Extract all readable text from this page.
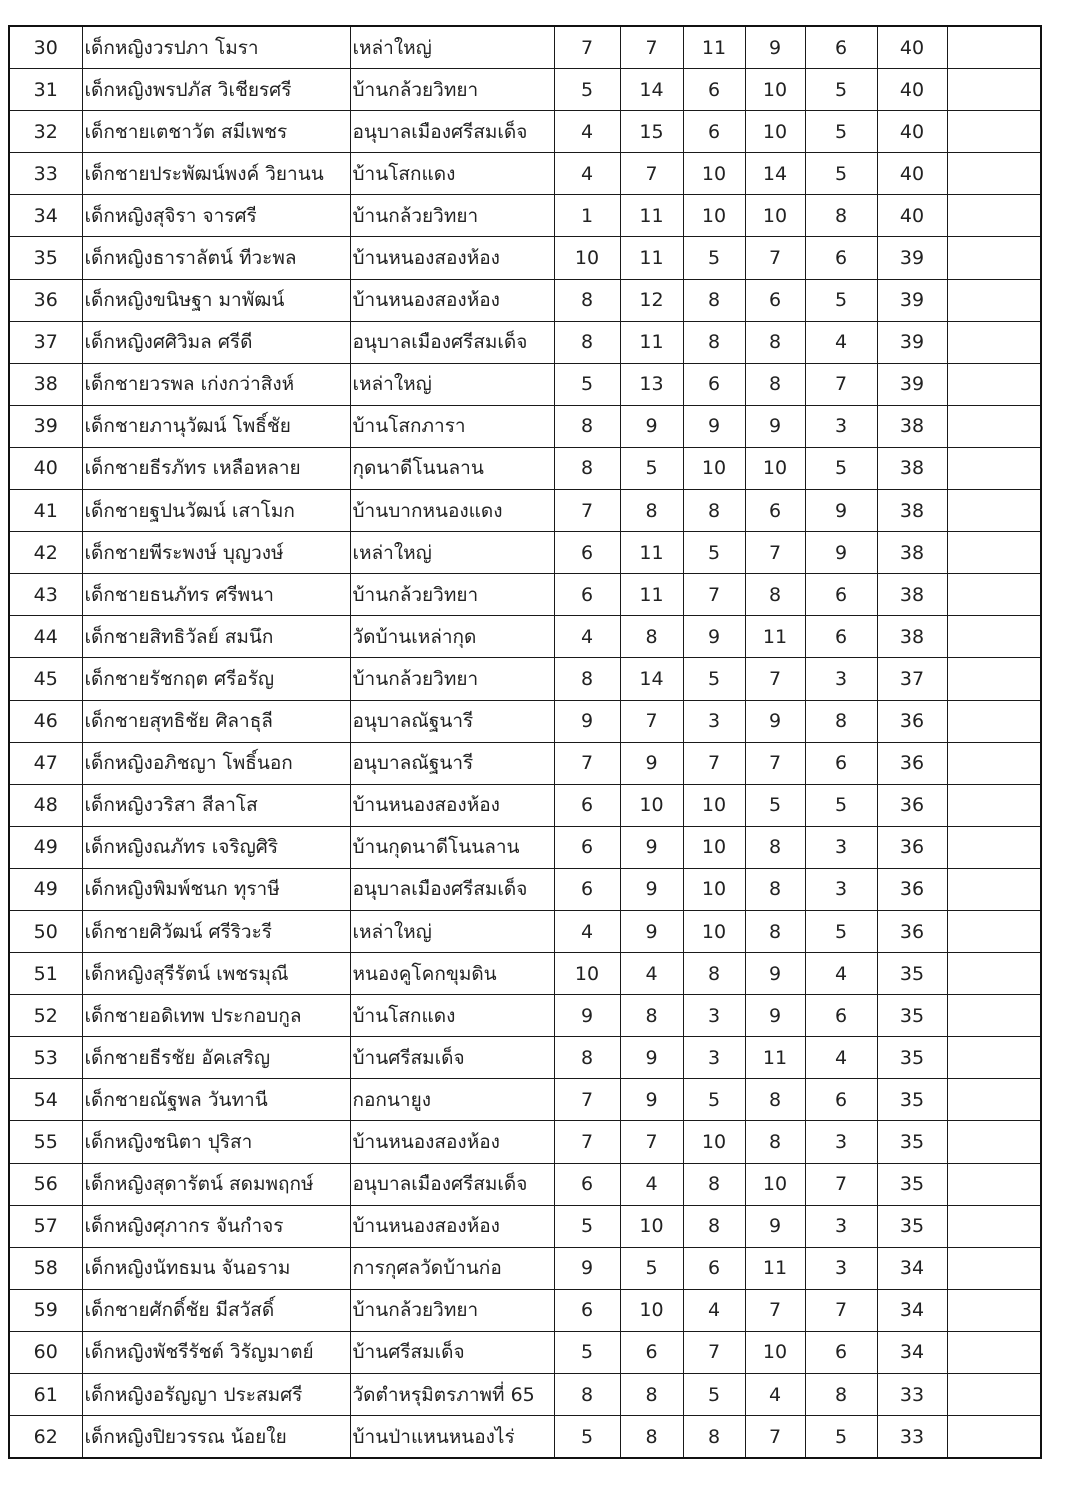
30	เด็กหญิงวรปภา โมรา	เหล่าใหญ่	7	7	11	9	6	40	
31	เด็กหญิงพรปภัส วิเชียรศรี	บ้านกล้วยวิทยา	5	14	6	10	5	40	
32	เด็กชายเตชาวัต สมีเพชร	อนุบาลเมืองศรีสมเด็จ	4	15	6	10	5	40	
33	เด็กชายประพัฒน์พงค์ วิยานน	บ้านโสกแดง	4	7	10	14	5	40	
34	เด็กหญิงสุจิรา จารศรี	บ้านกล้วยวิทยา	1	11	10	10	8	40	
35	เด็กหญิงธาราลัตน์ ทีวะพล	บ้านหนองสองห้อง	10	11	5	7	6	39	
36	เด็กหญิงขนิษฐา มาพัฒน์	บ้านหนองสองห้อง	8	12	8	6	5	39	
37	เด็กหญิงศศิวิมล ศรีดี	อนุบาลเมืองศรีสมเด็จ	8	11	8	8	4	39	
38	เด็กชายวรพล เก่งกว่าสิงห์	เหล่าใหญ่	5	13	6	8	7	39	
39	เด็กชายภานุวัฒน์ โพธิ์ชัย	บ้านโสกภารา	8	9	9	9	3	38	
40	เด็กชายธีรภัทร เหลือหลาย	กุดนาดีโนนลาน	8	5	10	10	5	38	
41	เด็กชายฐปนวัฒน์ เสาโมก	บ้านบากหนองแดง	7	8	8	6	9	38	
42	เด็กชายพีระพงษ์ บุญวงษ์	เหล่าใหญ่	6	11	5	7	9	38	
43	เด็กชายธนภัทร ศรีพนา	บ้านกล้วยวิทยา	6	11	7	8	6	38	
44	เด็กชายสิทธิวัลย์ สมนึก	วัดบ้านเหล่ากุด	4	8	9	11	6	38	
45	เด็กชายรัชกฤต ศรีอรัญ	บ้านกล้วยวิทยา	8	14	5	7	3	37	
46	เด็กชายสุทธิชัย ศิลาธุลี	อนุบาลณัฐนารี	9	7	3	9	8	36	
47	เด็กหญิงอภิชญา โพธิ์นอก	อนุบาลณัฐนารี	7	9	7	7	6	36	
48	เด็กหญิงวริสา สีลาโส	บ้านหนองสองห้อง	6	10	10	5	5	36	
49	เด็กหญิงณภัทร เจริญศิริ	บ้านกุดนาดีโนนลาน	6	9	10	8	3	36	
49	เด็กหญิงพิมพ์ชนก ทุราษี	อนุบาลเมืองศรีสมเด็จ	6	9	10	8	3	36	
50	เด็กชายศิวัฒน์ ศรีริวะรี	เหล่าใหญ่	4	9	10	8	5	36	
51	เด็กหญิงสุรีรัตน์ เพชรมุณี	หนองคูโคกขุมดิน	10	4	8	9	4	35	
52	เด็กชายอดิเทพ ประกอบกูล	บ้านโสกแดง	9	8	3	9	6	35	
53	เด็กชายธีรชัย อัคเสริญ	บ้านศรีสมเด็จ	8	9	3	11	4	35	
54	เด็กชายณัฐพล วันทานี	กอกนายูง	7	9	5	8	6	35	
55	เด็กหญิงชนิตา ปุริสา	บ้านหนองสองห้อง	7	7	10	8	3	35	
56	เด็กหญิงสุดารัตน์ สดมพฤกษ์	อนุบาลเมืองศรีสมเด็จ	6	4	8	10	7	35	
57	เด็กหญิงศุภากร จันกำจร	บ้านหนองสองห้อง	5	10	8	9	3	35	
58	เด็กหญิงนัทธมน จันอราม	การกุศลวัดบ้านก่อ	9	5	6	11	3	34	
59	เด็กชายศักดิ์ชัย มีสวัสดิ์	บ้านกล้วยวิทยา	6	10	4	7	7	34	
60	เด็กหญิงพัชรีรัชต์ วิรัญมาตย์	บ้านศรีสมเด็จ	5	6	7	10	6	34	
61	เด็กหญิงอรัญญา ประสมศรี	วัดตำหรุมิตรภาพที่ 65	8	8	5	4	8	33	
62	เด็กหญิงปิยวรรณ น้อยใย	บ้านป่าแหนหนองไร่	5	8	8	7	5	33	
